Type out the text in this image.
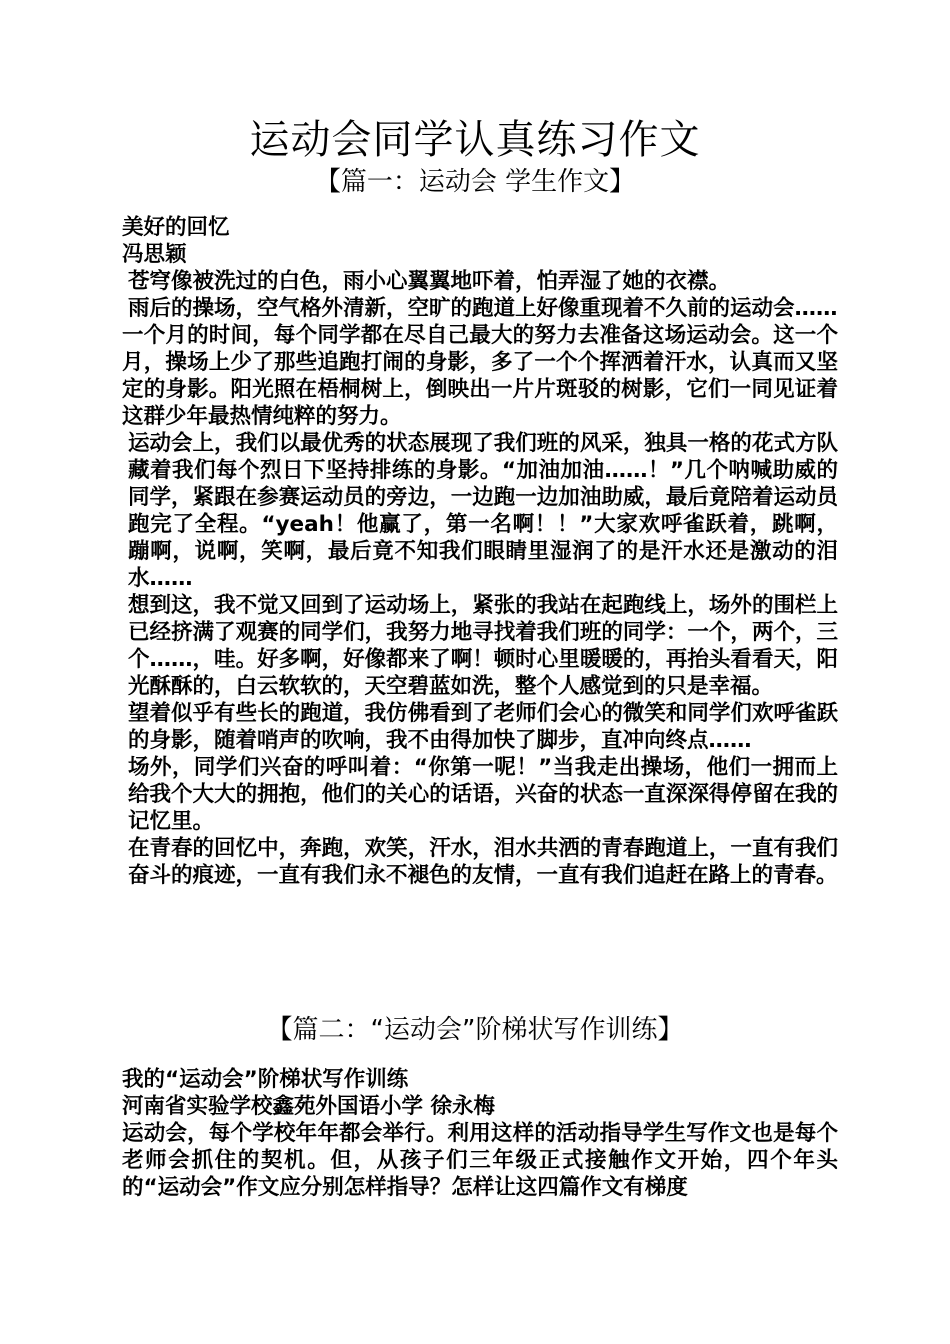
运动会同学认真练习作文
【篇一：运动会 学生作文】

美好的回忆

冯思颖

苍穹像被洗过的白色，雨小心翼翼地吓着，怕弄湿了她的衣襟。

雨后的操场，空气格外清新，空旷的跑道上好像重现着不久前的运动会……

一个月的时间，每个同学都在尽自己最大的努力去准备这场运动会。这一个月，操场上少了那些追跑打闹的身影，多了一个个挥洒着汗水，认真而又坚定的身影。阳光照在梧桐树上，倒映出一片片斑驳的树影，它们一同见证着这群少年最热情纯粹的努力。

运动会上，我们以最优秀的状态展现了我们班的风采，独具一格的花式方队藏着我们每个烈日下坚持排练的身影。“加油加油……！”几个呐喊助威的同学，紧跟在参赛运动员的旁边，一边跑一边加油助威，最后竟陪着运动员跑完了全程。“yeah！他赢了，第一名啊！！”大家欢呼雀跃着，跳啊，蹦啊，说啊，笑啊，最后竟不知我们眼睛里湿润了的是汗水还是激动的泪水……

想到这，我不觉又回到了运动场上，紧张的我站在起跑线上，场外的围栏上已经挤满了观赛的同学们，我努力地寻找着我们班的同学：一个，两个，三个……，哇。好多啊，好像都来了啊！顿时心里暖暖的，再抬头看看天，阳光酥酥的，白云软软的，天空碧蓝如洗，整个人感觉到的只是幸福。

望着似乎有些长的跑道，我仿佛看到了老师们会心的微笑和同学们欢呼雀跃的身影，随着哨声的吹响，我不由得加快了脚步，直冲向终点……

场外，同学们兴奋的呼叫着：“你第一呢！”当我走出操场，他们一拥而上给我个大大的拥抱，他们的关心的话语，兴奋的状态一直深深得停留在我的记忆里。

在青春的回忆中，奔跑，欢笑，汗水，泪水共洒的青春跑道上，一直有我们奋斗的痕迹，一直有我们永不褪色的友情，一直有我们追赶在路上的青春。

【篇二：“运动会”阶梯状写作训练】

我的“运动会”阶梯状写作训练

河南省实验学校鑫苑外国语小学 徐永梅

运动会，每个学校年年都会举行。利用这样的活动指导学生写作文也是每个老师会抓住的契机。但，从孩子们三年级正式接触作文开始，四个年头的“运动会”作文应分别怎样指导？怎样让这四篇作文有梯度
